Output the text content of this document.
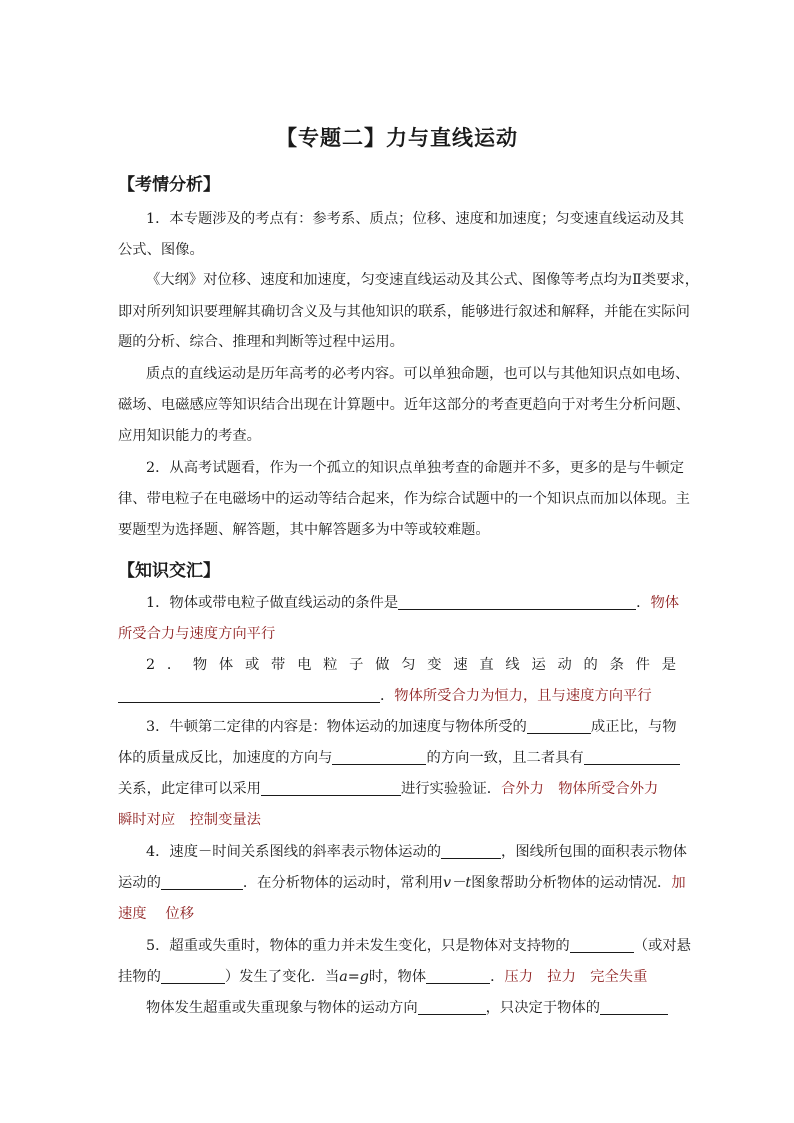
【专题二】力与直线运动
【考情分析】
1．本专题涉及的考点有：参考系、质点；位移、速度和加速度；匀变速直线运动及其
公式、图像。
《大纲》对位移、速度和加速度，匀变速直线运动及其公式、图像等考点均为Ⅱ类要求，
即对所列知识要理解其确切含义及与其他知识的联系，能够进行叙述和解释，并能在实际问
题的分析、综合、推理和判断等过程中运用。
质点的直线运动是历年高考的必考内容。可以单独命题，也可以与其他知识点如电场、
磁场、电磁感应等知识结合出现在计算题中。近年这部分的考查更趋向于对考生分析问题、
应用知识能力的考查。
2．从高考试题看，作为一个孤立的知识点单独考查的命题并不多，更多的是与牛顿定
律、带电粒子在电磁场中的运动等结合起来，作为综合试题中的一个知识点而加以体现。主
要题型为选择题、解答题，其中解答题多为中等或较难题。
【知识交汇】
1．物体或带电粒子做直线运动的条件是	．物体
所受合力与速度方向平行
2．物体或带电粒子做匀变速直线运动的条件是
．物体所受合力为恒力，且与速度方向平行
3．牛顿第二定律的内容是：物体运动的加速度与物体所受的	成正比，与物
体的质量成反比，加速度的方向与	的方向一致，且二者具有
关系，此定律可以采用	进行实验验证．合外力　物体所受合外力
瞬时对应　控制变量法
4．速度－时间关系图线的斜率表示物体运动的	，图线所包围的面积表示物体
运动的	．在分析物体的运动时，常利用v－t图象帮助分析物体的运动情况．加
速度　 位移
5．超重或失重时，物体的重力并未发生变化，只是物体对支持物的	（或对悬
挂物的	）发生了变化．当a=g时，物体	．压力　拉力　完全失重
物体发生超重或失重现象与物体的运动方向	，只决定于物体的
